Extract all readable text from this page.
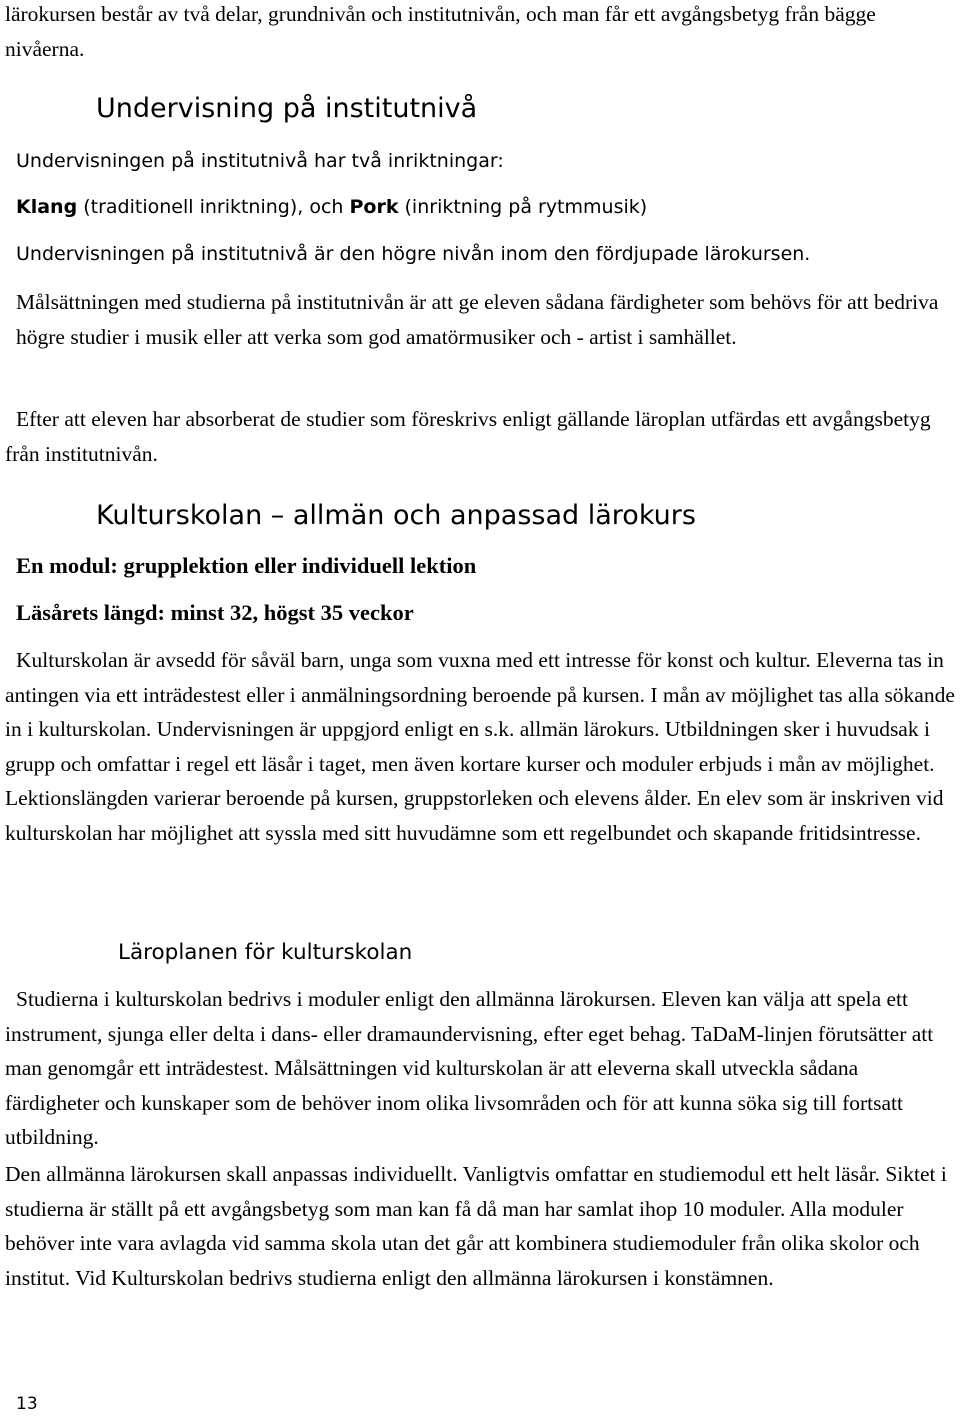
lärokursen består av två delar, grundnivån och institutnivån, och man får ett avgångsbetyg från bägge nivåerna.

Undervisning på institutnivå

Undervisningen på institutnivå har två inriktningar:

Klang (traditionell inriktning), och Pork (inriktning på rytmmusik)

Undervisningen på institutnivå är den högre nivån inom den fördjupade lärokursen.

Målsättningen med studierna på institutnivån är att ge eleven sådana färdigheter som behövs för att bedriva högre studier i musik eller att verka som god amatörmusiker och - artist i samhället.

Efter att eleven har absorberat de studier som föreskrivs enligt gällande läroplan utfärdas ett avgångsbetyg från institutnivån.

Kulturskolan – allmän och anpassad lärokurs

En modul: grupplektion eller individuell lektion

Läsårets längd: minst 32, högst 35 veckor

Kulturskolan är avsedd för såväl barn, unga som vuxna med ett intresse för konst och kultur. Eleverna tas in antingen via ett inträdestest eller i anmälningsordning beroende på kursen. I mån av möjlighet tas alla sökande in i kulturskolan. Undervisningen är uppgjord enligt en s.k. allmän lärokurs. Utbildningen sker i huvudsak i grupp och omfattar i regel ett läsår i taget, men även kortare kurser och moduler erbjuds i mån av möjlighet. Lektionslängden varierar beroende på kursen, gruppstorleken och elevens ålder. En elev som är inskriven vid kulturskolan har möjlighet att syssla med sitt huvudämne som ett regelbundet och skapande fritidsintresse.

Läroplanen för kulturskolan

Studierna i kulturskolan bedrivs i moduler enligt den allmänna lärokursen. Eleven kan välja att spela ett instrument, sjunga eller delta i dans- eller dramaundervisning, efter eget behag. TaDaM-linjen förutsätter att man genomgår ett inträdestest. Målsättningen vid kulturskolan är att eleverna skall utveckla sådana färdigheter och kunskaper som de behöver inom olika livsområden och för att kunna söka sig till fortsatt utbildning.

Den allmänna lärokursen skall anpassas individuellt. Vanligtvis omfattar en studiemodul ett helt läsår. Siktet i studierna är ställt på ett avgångsbetyg som man kan få då man har samlat ihop 10 moduler. Alla moduler behöver inte vara avlagda vid samma skola utan det går att kombinera studiemoduler från olika skolor och institut. Vid Kulturskolan bedrivs studierna enligt den allmänna lärokursen i konstämnen.

13
